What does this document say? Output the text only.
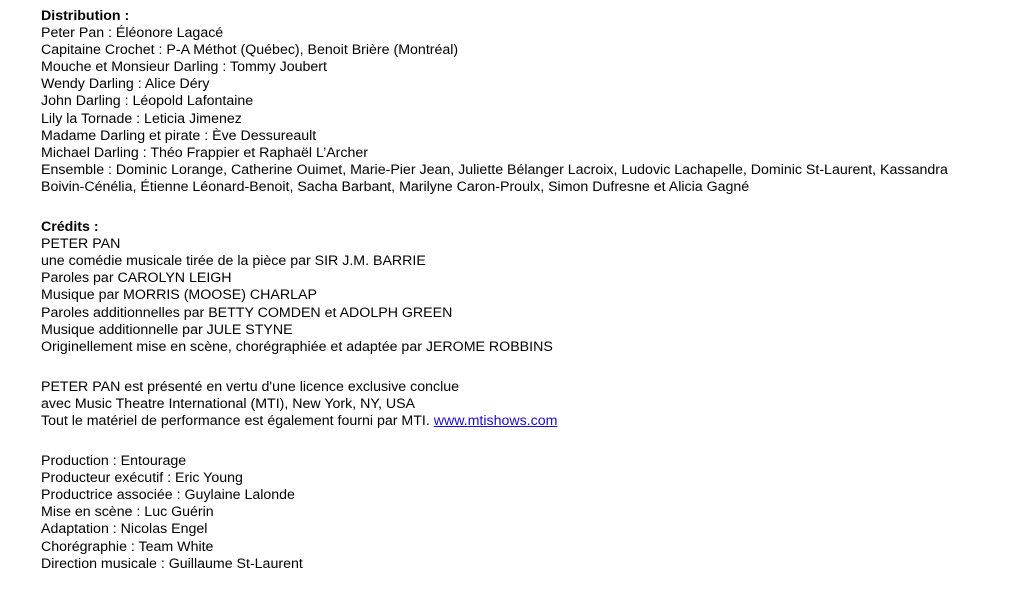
Distribution :
Peter Pan : Éléonore Lagacé
Capitaine Crochet : P-A Méthot (Québec), Benoit Brière (Montréal)
Mouche et Monsieur Darling : Tommy Joubert
Wendy Darling : Alice Déry
John Darling : Léopold Lafontaine
Lily la Tornade : Leticia Jimenez
Madame Darling et pirate : Ève Dessureault
Michael Darling : Théo Frappier et Raphaël L’Archer
Ensemble : Dominic Lorange, Catherine Ouimet, Marie-Pier Jean, Juliette Bélanger Lacroix, Ludovic Lachapelle, Dominic St-Laurent, Kassandra
Boivin-Cénélia, Étienne Léonard-Benoit, Sacha Barbant, Marilyne Caron-Proulx, Simon Dufresne et Alicia Gagné
Crédits :
PETER PAN
une comédie musicale tirée de la pièce par SIR J.M. BARRIE
Paroles par CAROLYN LEIGH
Musique par MORRIS (MOOSE) CHARLAP
Paroles additionnelles par BETTY COMDEN et ADOLPH GREEN
Musique additionnelle par JULE STYNE
Originellement mise en scène, chorégraphiée et adaptée par JEROME ROBBINS
PETER PAN est présenté en vertu d'une licence exclusive conclue
avec Music Theatre International (MTI), New York, NY, USA
Tout le matériel de performance est également fourni par MTI. www.mtishows.com
Production : Entourage
Producteur exécutif : Eric Young
Productrice associée : Guylaine Lalonde
Mise en scène : Luc Guérin
Adaptation : Nicolas Engel
Chorégraphie : Team White
Direction musicale : Guillaume St-Laurent
